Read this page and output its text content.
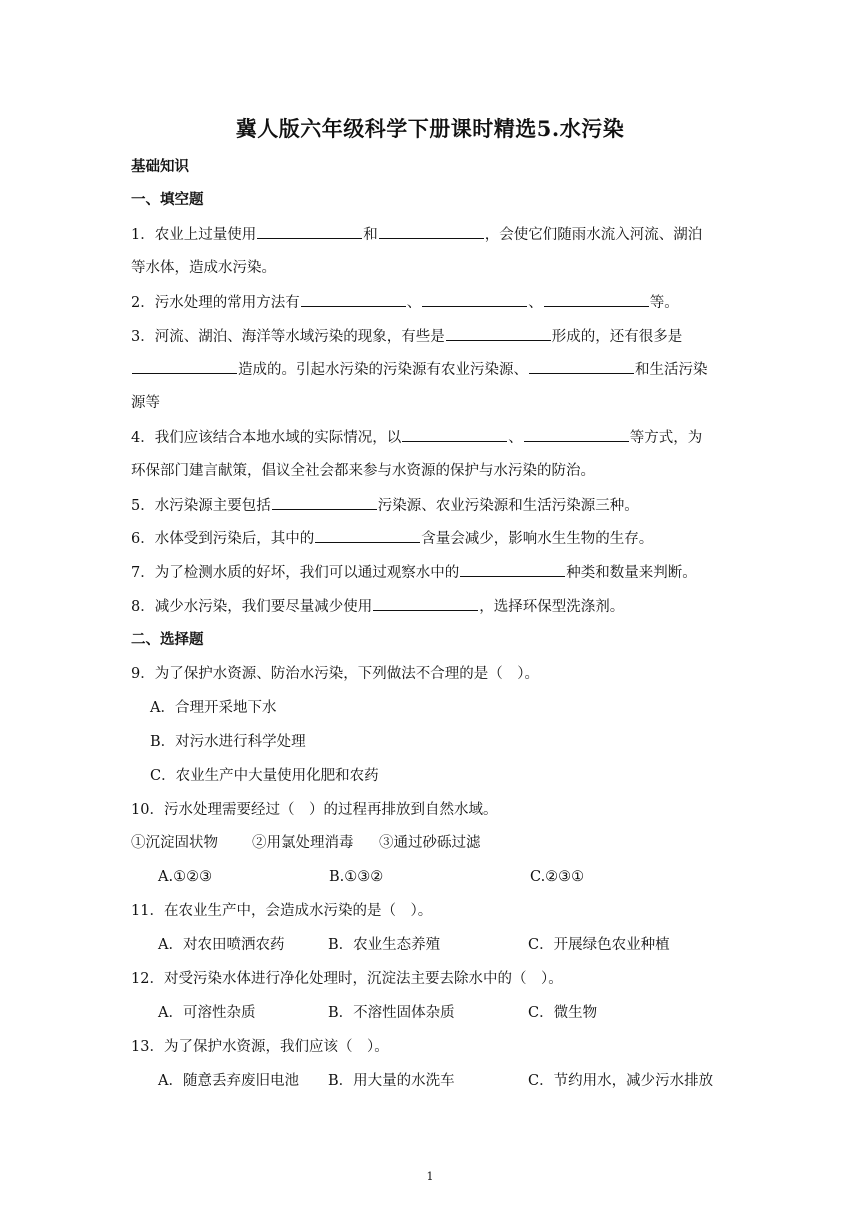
冀人版六年级科学下册课时精选5.水污染
基础知识
一、填空题
1．农业上过量使用	和	，会使它们随雨水流入河流、湖泊
等水体，造成水污染。
2．污水处理的常用方法有	、	、	等。
3．河流、湖泊、海洋等水域污染的现象，有些是	形成的，还有很多是
造成的。引起水污染的污染源有农业污染源、	和生活污染
源等
4．我们应该结合本地水域的实际情况，以	、	等方式，为
环保部门建言献策，倡议全社会都来参与水资源的保护与水污染的防治。
5．水污染源主要包括	污染源、农业污染源和生活污染源三种。
6．水体受到污染后，其中的	含量会减少，影响水生生物的生存。
7．为了检测水质的好坏，我们可以通过观察水中的	种类和数量来判断。
8．减少水污染，我们要尽量减少使用	，选择环保型洗涤剂。
二、选择题
9．为了保护水资源、防治水污染，下列做法不合理的是（　）。
A．合理开采地下水
B．对污水进行科学处理
C．农业生产中大量使用化肥和农药
10．污水处理需要经过（　）的过程再排放到自然水域。
①沉淀固状物 ②用氯处理消毒 ③通过砂砾过滤
A.①②③	B.①③②	C.②③①
11．在农业生产中，会造成水污染的是（　）。
A．对农田喷洒农药	B．农业生态养殖	C．开展绿色农业种植
12．对受污染水体进行净化处理时，沉淀法主要去除水中的（　）。
A．可溶性杂质	B．不溶性固体杂质	C．微生物
13．为了保护水资源，我们应该（　）。
A．随意丢弃废旧电池 B．用大量的水洗车	C．节约用水，减少污水排放
1
